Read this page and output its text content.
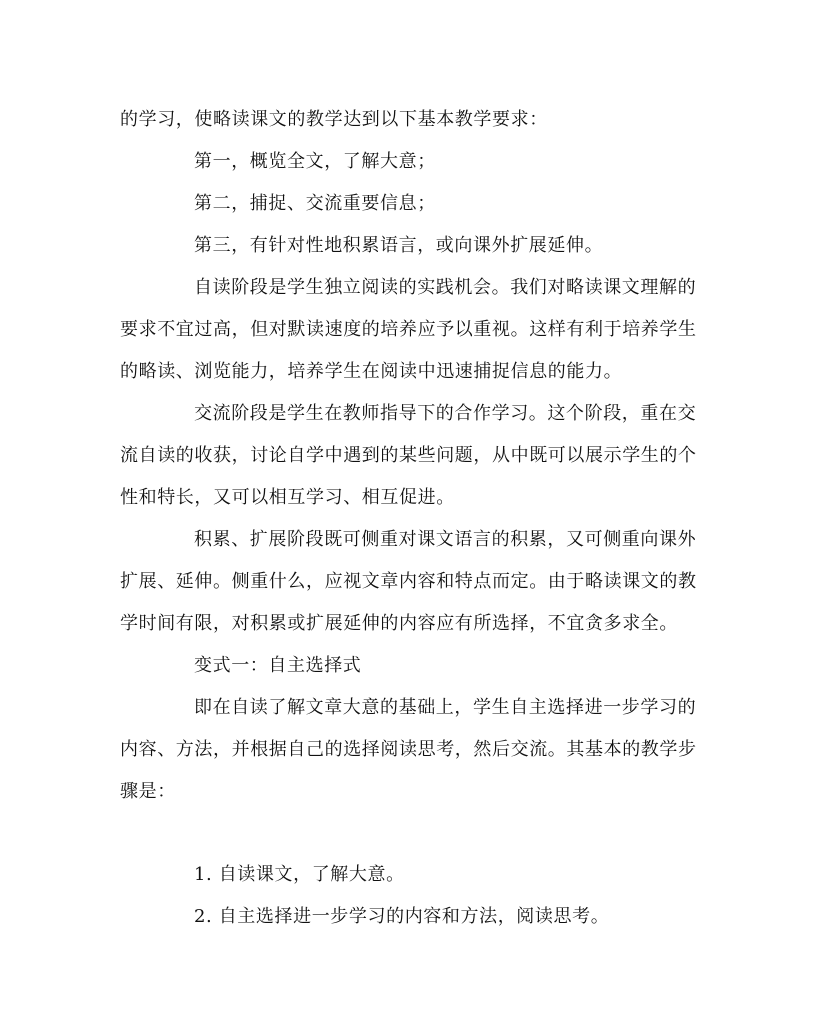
的学习，使略读课文的教学达到以下基本教学要求：
第一，概览全文，了解大意；
第二，捕捉、交流重要信息；
第三，有针对性地积累语言，或向课外扩展延伸。
自读阶段是学生独立阅读的实践机会。我们对略读课文理解的
要求不宜过高，但对默读速度的培养应予以重视。这样有利于培养学生
的略读、浏览能力，培养学生在阅读中迅速捕捉信息的能力。
交流阶段是学生在教师指导下的合作学习。这个阶段，重在交
流自读的收获，讨论自学中遇到的某些问题，从中既可以展示学生的个
性和特长，又可以相互学习、相互促进。
积累、扩展阶段既可侧重对课文语言的积累，又可侧重向课外
扩展、延伸。侧重什么，应视文章内容和特点而定。由于略读课文的教
学时间有限，对积累或扩展延伸的内容应有所选择，不宜贪多求全。
变式一：自主选择式
即在自读了解文章大意的基础上，学生自主选择进一步学习的
内容、方法，并根据自己的选择阅读思考，然后交流。其基本的教学步
骤是：
1. 自读课文，了解大意。
2. 自主选择进一步学习的内容和方法，阅读思考。
